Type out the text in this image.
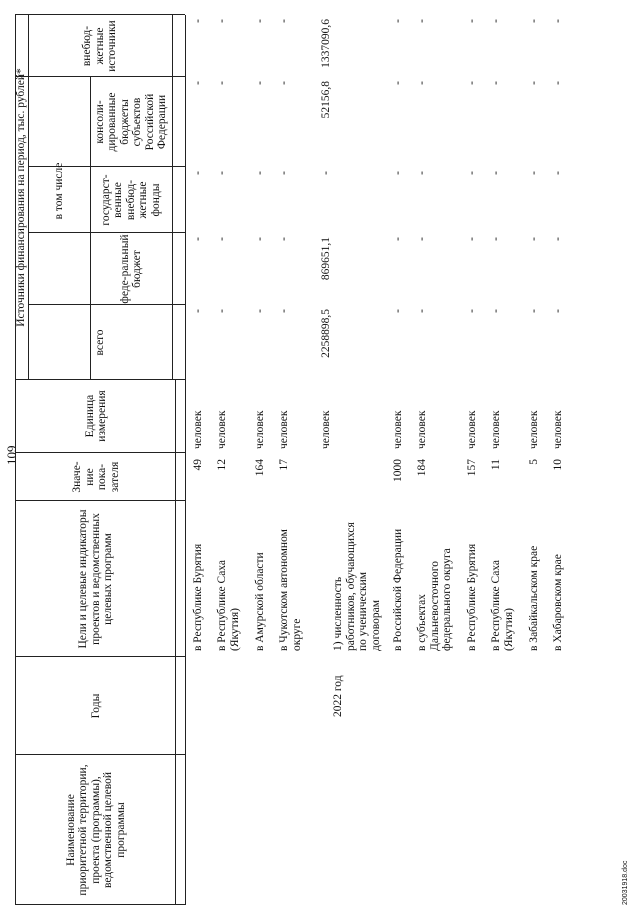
109
Наименование приоритетной территории, проекта (программы), ведомственной целевой программы
Годы
Цели и целевые индикаторы проектов и ведомственных целевых программ
Значе-ние пока-зателя
Единица измерения
Источники финансирования на период, тыс. рублей*
всего
в том числе
феде-ральный бюджет
государст-венные внебюд-жетные фонды
консоли-дированные бюджеты субъектов Российской Федерации
внебюд-жетные источники
в Республике Бурятия
49
человек
-
-
-
-
-
в Республике Саха (Якутия)
12
человек
-
-
-
-
-
в Амурской области
164
человек
-
-
-
-
-
в Чукотском автономном округе
17
человек
-
-
-
-
-
2022 год
человек
2258898,5
869651,1
-
52156,8
1337090,6
1) численность работников, обучающихся по ученическим договорам в Российской Федерации
1000
человек
-
-
-
-
-
в субъектах Дальневосточного федерального округа
184
человек
-
-
-
-
-
в Республике Бурятия
157
человек
-
-
-
-
-
в Республике Саха (Якутия)
11
человек
-
-
-
-
-
в Забайкальском крае
5
человек
-
-
-
-
-
в Хабаровском крае
10
человек
-
-
-
-
-
20031918.doc
